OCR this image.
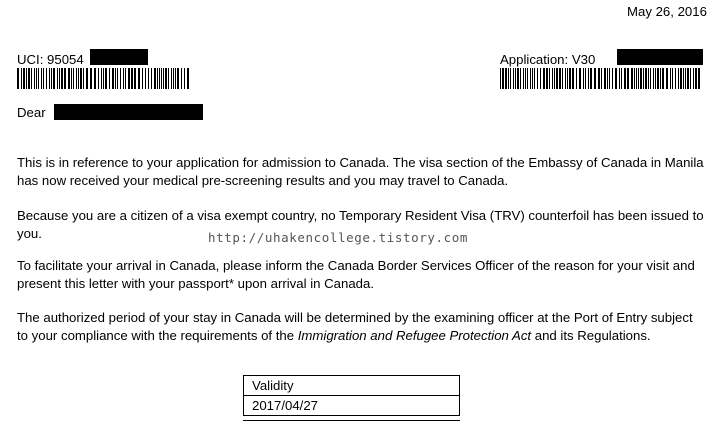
May 26, 2016
UCI: 95054	Application: V30
Dear
This is in reference to your application for admission to Canada. The visa section of the Embassy of Canada in Manila has now received your medical pre-screening results and you may travel to Canada.
Because you are a citizen of a visa exempt country, no Temporary Resident Visa (TRV) counterfoil has been issued to you.	http://uhakencollege.tistory.com
To facilitate your arrival in Canada, please inform the Canada Border Services Officer of the reason for your visit and present this letter with your passport* upon arrival in Canada.
The authorized period of your stay in Canada will be determined by the examining officer at the Port of Entry subject to your compliance with the requirements of the Immigration and Refugee Protection Act and its Regulations.
Validity
2017/04/27
